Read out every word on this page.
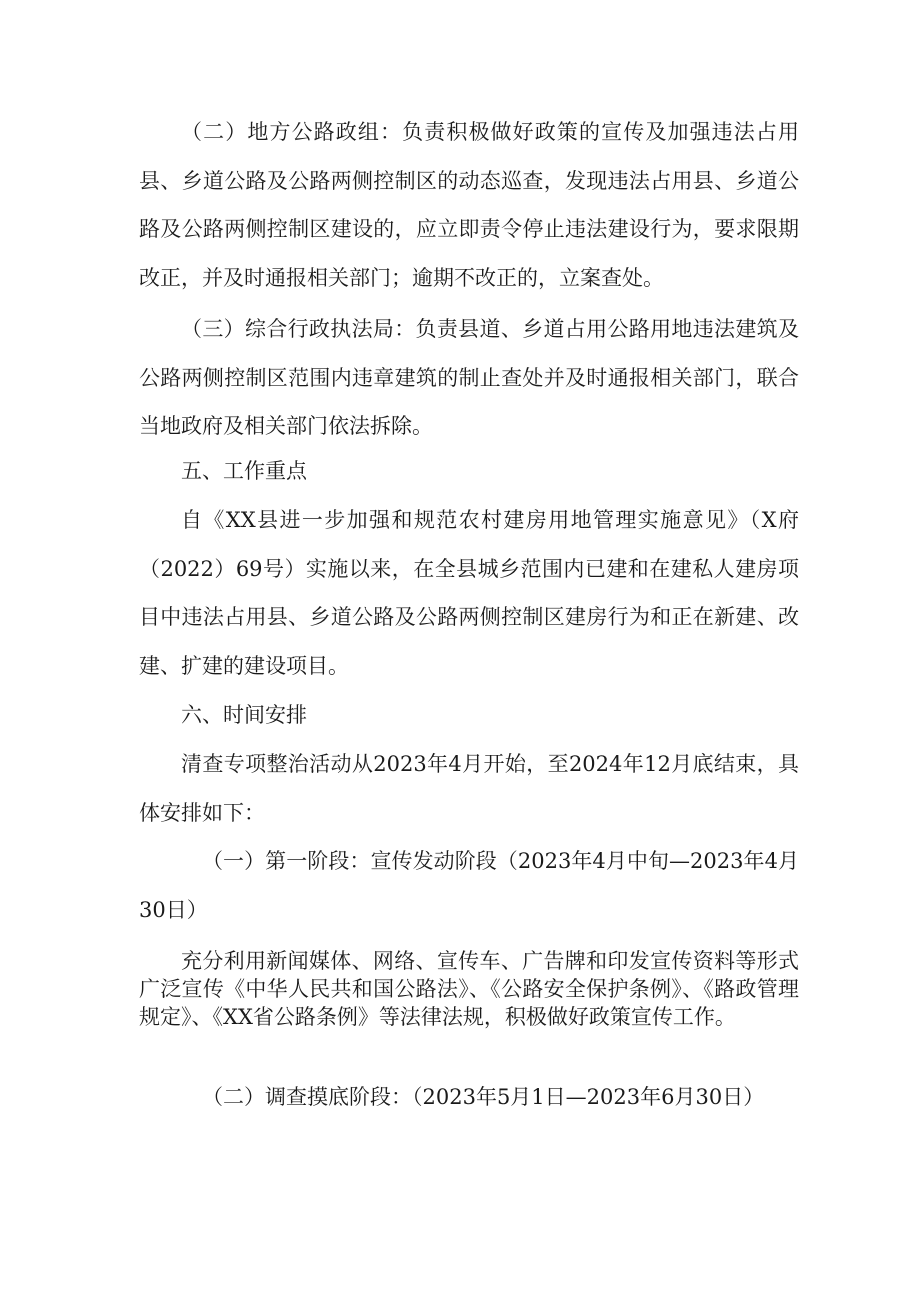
（二）地方公路政组：负责积极做好政策的宣传及加强违法占用县、乡道公路及公路两侧控制区的动态巡查，发现违法占用县、乡道公路及公路两侧控制区建设的，应立即责令停止违法建设行为，要求限期改正，并及时通报相关部门；逾期不改正的，立案查处。

（三）综合行政执法局：负责县道、乡道占用公路用地违法建筑及公路两侧控制区范围内违章建筑的制止查处并及时通报相关部门，联合当地政府及相关部门依法拆除。

五、工作重点

自《XX县进一步加强和规范农村建房用地管理实施意见》（X府（2022）69号）实施以来，在全县城乡范围内已建和在建私人建房项目中违法占用县、乡道公路及公路两侧控制区建房行为和正在新建、改建、扩建的建设项目。

六、时间安排

清查专项整治活动从2023年4月开始，至2024年12月底结束，具体安排如下：

（一）第一阶段：宣传发动阶段（2023年4月中旬—2023年4月30日）

充分利用新闻媒体、网络、宣传车、广告牌和印发宣传资料等形式广泛宣传《中华人民共和国公路法》、《公路安全保护条例》、《路政管理规定》、《XX省公路条例》等法律法规，积极做好政策宣传工作。

（二）调查摸底阶段：（2023年5月1日—2023年6月30日）
